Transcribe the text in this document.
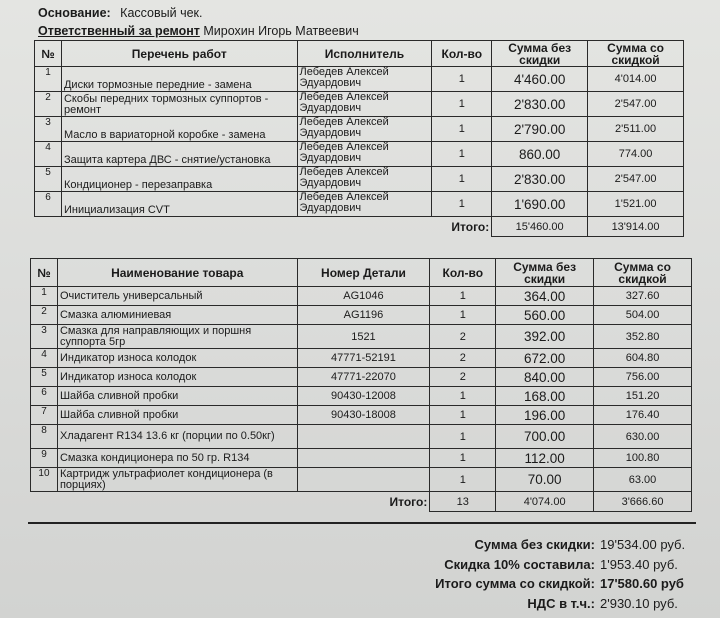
Основание: Кассовый чек.
Ответственный за ремонт Мирохин Игорь Матвеевич
№	Перечень работ	Исполнитель	Кол-во	Сумма без скидки	Сумма со скидкой
1	Диски тормозные передние - замена	Лебедев Алексей Эдуардович	1	4'460.00	4'014.00
2	Скобы передних тормозных суппортов - ремонт	Лебедев Алексей Эдуардович	1	2'830.00	2'547.00
3	Масло в вариаторной коробке - замена	Лебедев Алексей Эдуардович	1	2'790.00	2'511.00
4	Защита картера ДВС - снятие/установка	Лебедев Алексей Эдуардович	1	860.00	774.00
5	Кондиционер - перезаправка	Лебедев Алексей Эдуардович	1	2'830.00	2'547.00
6	Инициализация CVT	Лебедев Алексей Эдуардович	1	1'690.00	1'521.00
Итого:				15'460.00	13'914.00
№	Наименование товара	Номер Детали	Кол-во	Сумма без скидки	Сумма со скидкой
1	Очиститель универсальный	AG1046	1	364.00	327.60
2	Смазка алюминиевая	AG1196	1	560.00	504.00
3	Смазка для направляющих и поршня суппорта 5гр	1521	2	392.00	352.80
4	Индикатор износа колодок	47771-52191	2	672.00	604.80
5	Индикатор износа колодок	47771-22070	2	840.00	756.00
6	Шайба сливной пробки	90430-12008	1	168.00	151.20
7	Шайба сливной пробки	90430-18008	1	196.00	176.40
8	Хладагент R134 13.6 кг (порции по 0.50кг)		1	700.00	630.00
9	Смазка кондиционера по 50 гр. R134		1	112.00	100.80
10	Картридж ультрафиолет кондиционера (в порциях)		1	70.00	63.00
Итого:			13	4'074.00	3'666.60
Сумма без скидки: 19'534.00 руб.
Скидка 10% составила: 1'953.40 руб.
Итого сумма со скидкой: 17'580.60 руб
НДС в т.ч.: 2'930.10 руб.
